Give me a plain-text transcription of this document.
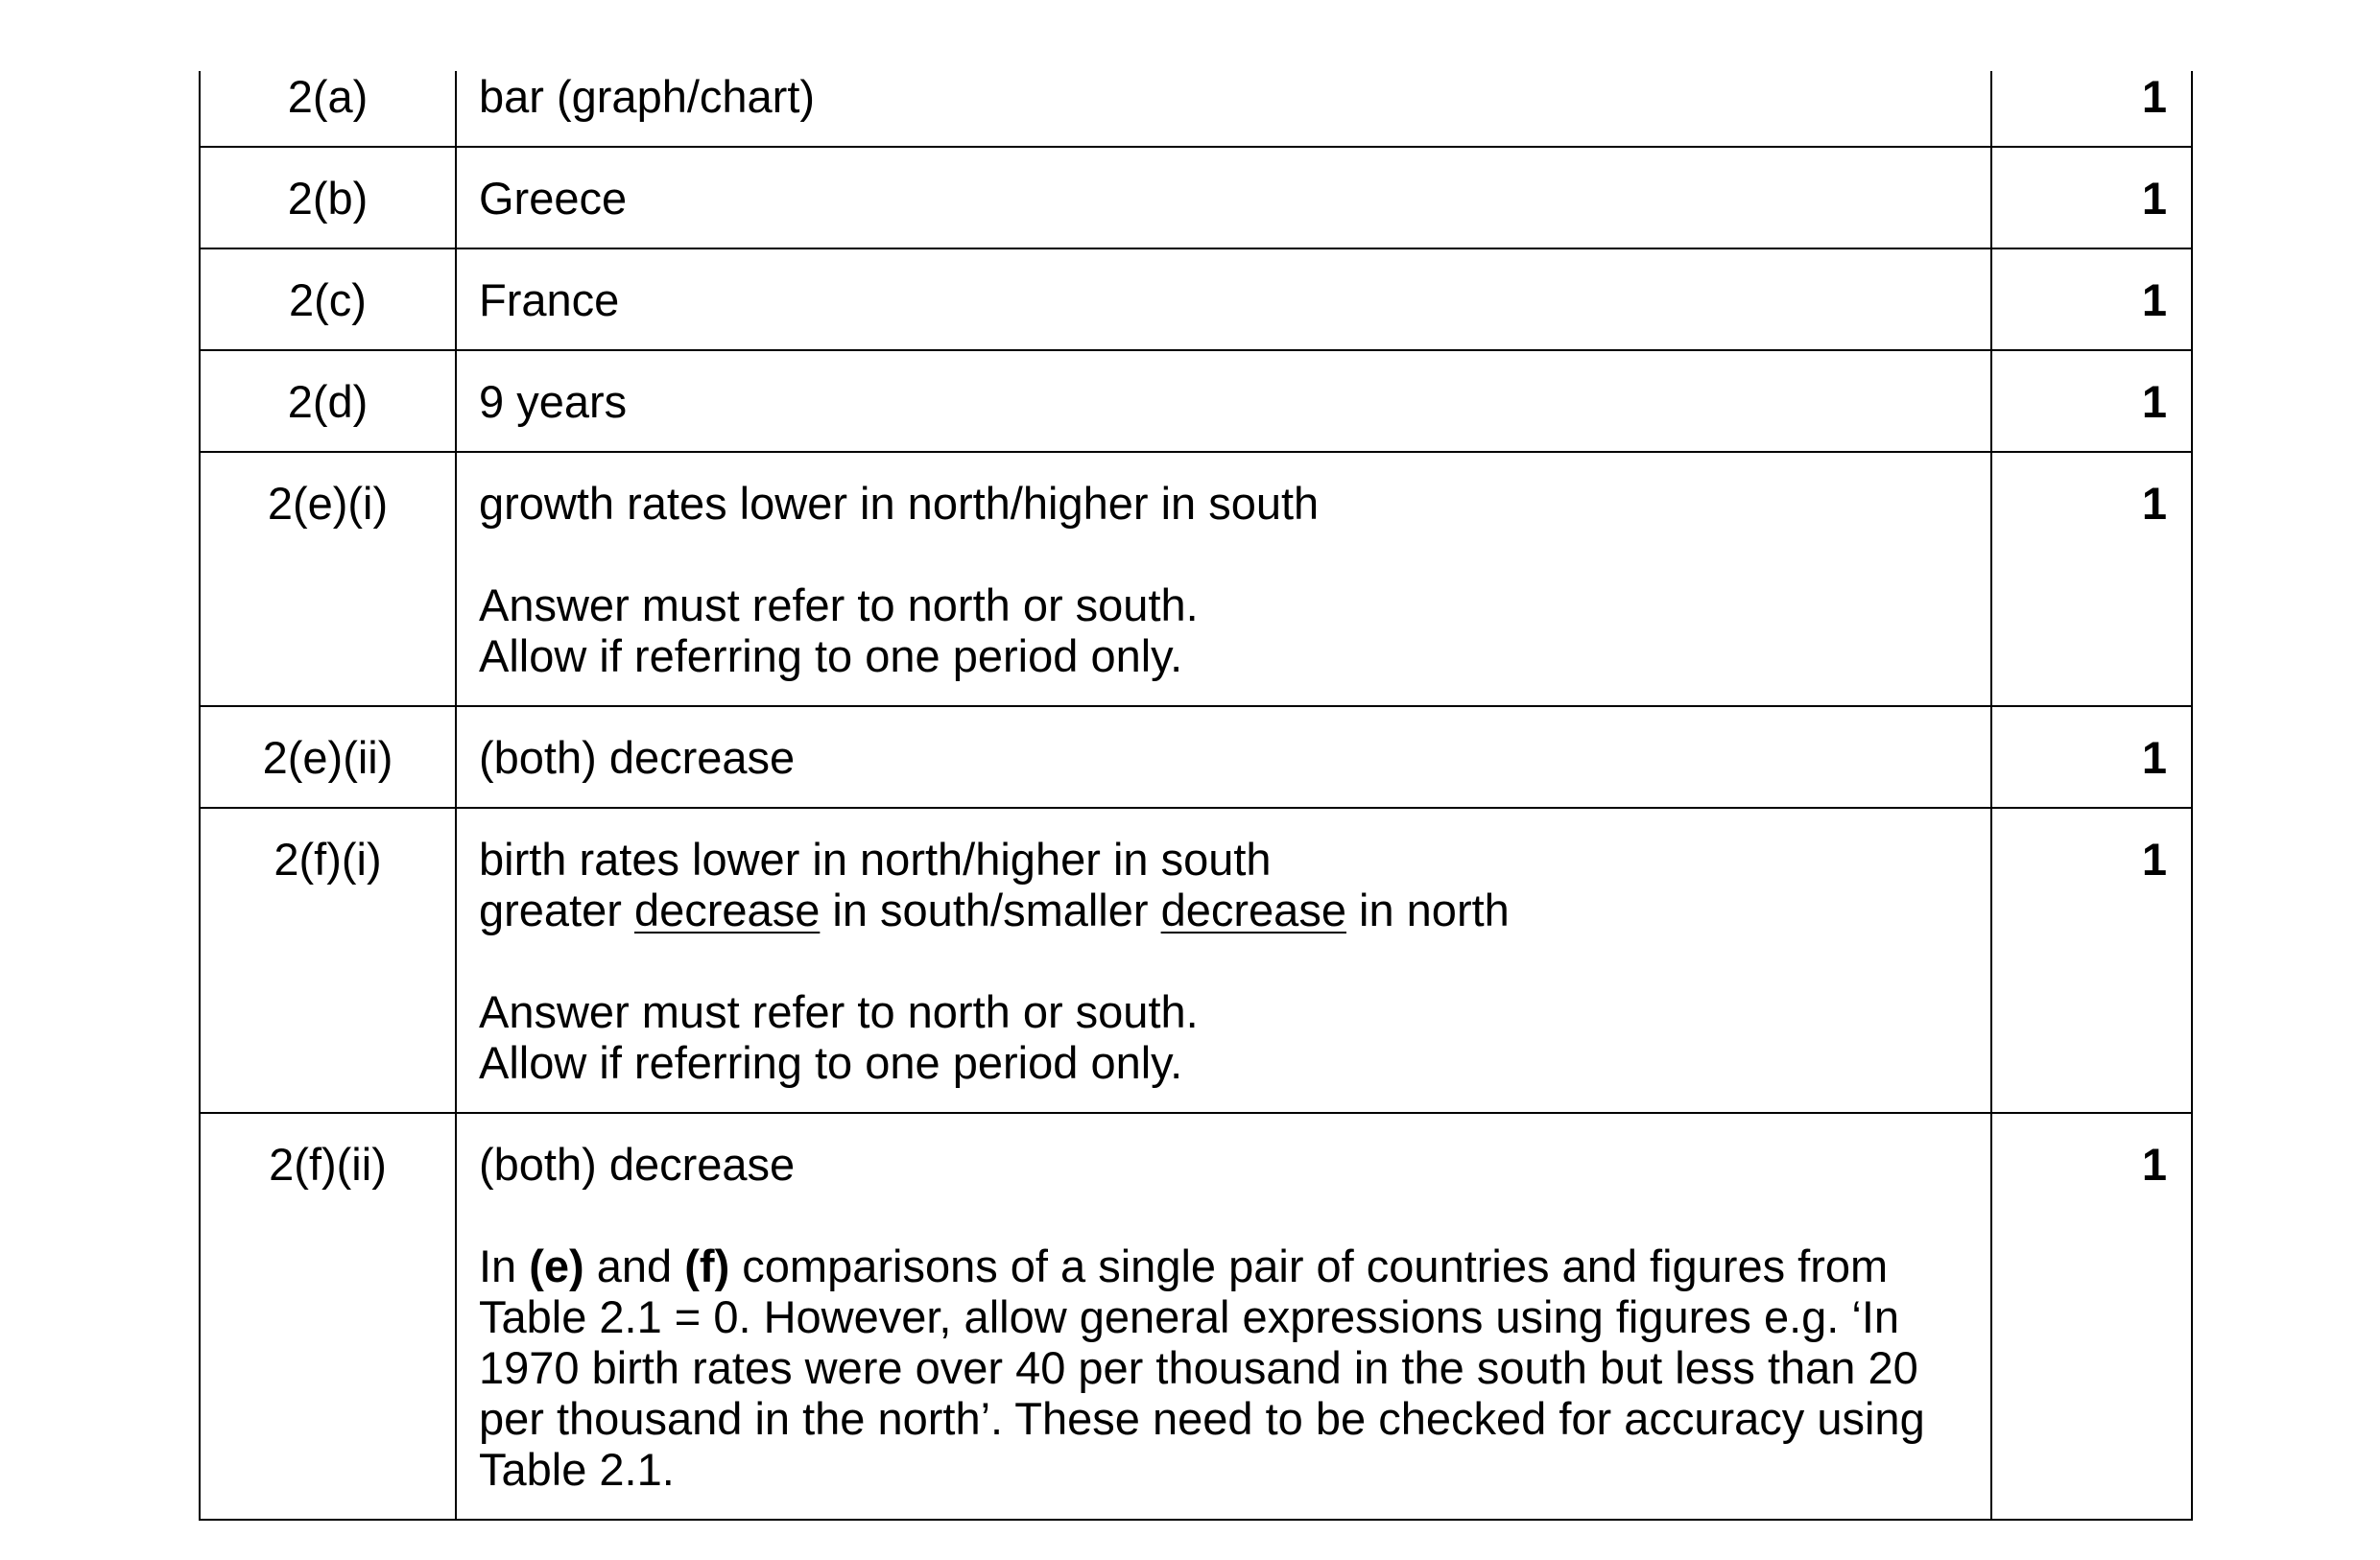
2(a)	bar (graph/chart)	1
2(b)	Greece	1
2(c)	France	1
2(d)	9 years	1
2(e)(i)	growth rates lower in north/higher in south
Answer must refer to north or south.
Allow if referring to one period only.	1
2(e)(ii)	(both) decrease	1
2(f)(i)	birth rates lower in north/higher in south
greater decrease in south/smaller decrease in north
Answer must refer to north or south.
Allow if referring to one period only.	1
2(f)(ii)	(both) decrease
In (e) and (f) comparisons of a single pair of countries and figures from Table 2.1 = 0. However, allow general expressions using figures e.g. ‘In 1970 birth rates were over 40 per thousand in the south but less than 20 per thousand in the north’. These need to be checked for accuracy using Table 2.1.	1
